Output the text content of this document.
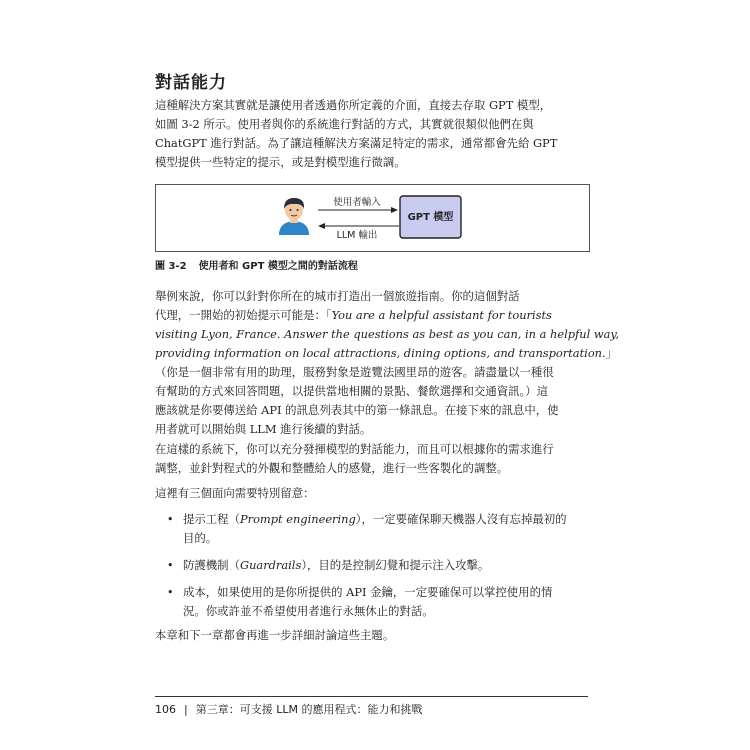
對話能力
這種解決方案其實就是讓使用者透過你所定義的介面，直接去存取 GPT 模型，
如圖 3-2 所示。使用者與你的系統進行對話的方式，其實就很類似他們在與
ChatGPT 進行對話。為了讓這種解決方案滿足特定的需求，通常都會先給 GPT
模型提供一些特定的提示，或是對模型進行微調。
使用者輸入
LLM 輸出
GPT 模型
圖 3-2 使用者和 GPT 模型之間的對話流程
舉例來說，你可以針對你所在的城市打造出一個旅遊指南。你的這個對話
代理，一開始的初始提示可能是：「You are a helpful assistant for tourists
visiting Lyon, France. Answer the questions as best as you can, in a helpful way,
providing information on local attractions, dining options, and transportation.」
（你是一個非常有用的助理，服務對象是遊覽法國里昂的遊客。請盡量以一種很
有幫助的方式來回答問題，以提供當地相關的景點、餐飲選擇和交通資訊。）這
應該就是你要傳送給 API 的訊息列表其中的第一條訊息。在接下來的訊息中，使
用者就可以開始與 LLM 進行後續的對話。
在這樣的系統下，你可以充分發揮模型的對話能力，而且可以根據你的需求進行
調整，並針對程式的外觀和整體給人的感覺，進行一些客製化的調整。
這裡有三個面向需要特別留意：
• 提示工程（Prompt engineering），一定要確保聊天機器人沒有忘掉最初的
目的。
• 防護機制（Guardrails），目的是控制幻覺和提示注入攻擊。
• 成本，如果使用的是你所提供的 API 金鑰，一定要確保可以掌控使用的情
況。你或許並不希望使用者進行永無休止的對話。
本章和下一章都會再進一步詳細討論這些主題。
106 | 第三章：可支援 LLM 的應用程式：能力和挑戰
